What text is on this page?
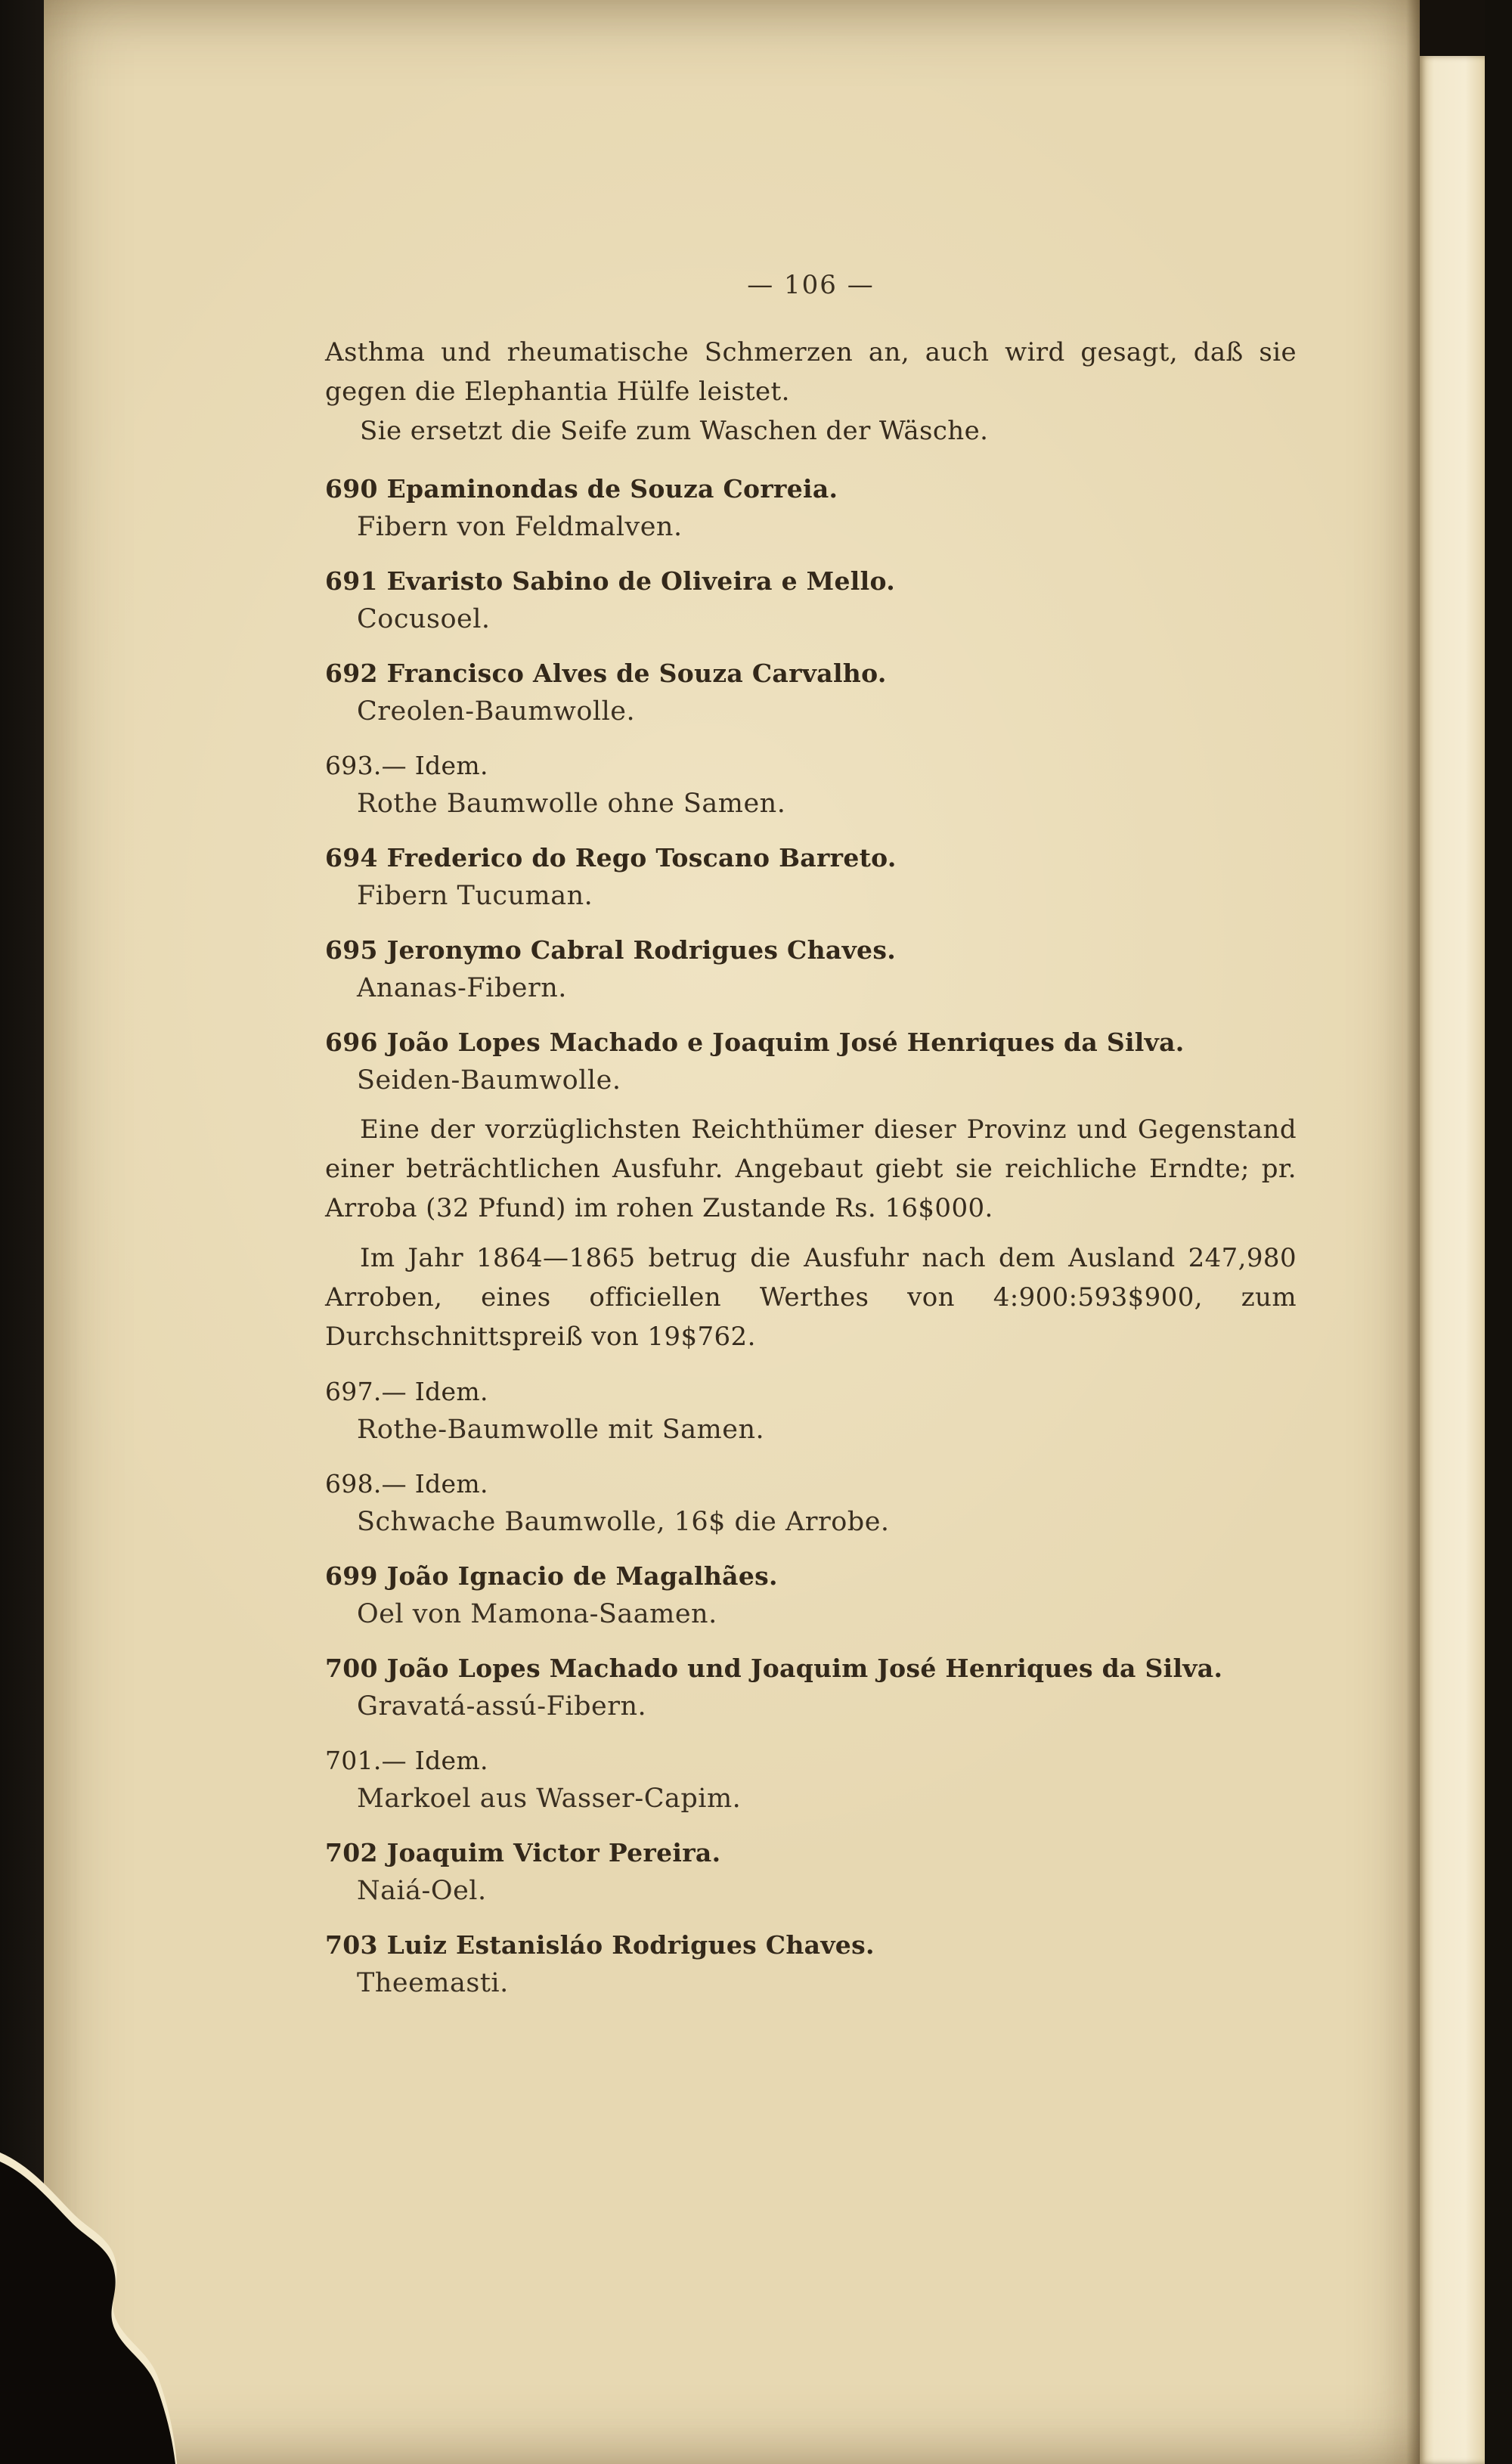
— 106 —

Asthma und rheumatische Schmerzen an, auch wird gesagt, daß sie gegen die Elephantia Hülfe leistet.

Sie ersetzt die Seife zum Waschen der Wäsche.

690 Epaminondas de Souza Correia.

Fibern von Feldmalven.

691 Evaristo Sabino de Oliveira e Mello.

Cocusoel.

692 Francisco Alves de Souza Carvalho.

Creolen-Baumwolle.

693.— Idem.

Rothe Baumwolle ohne Samen.

694 Frederico do Rego Toscano Barreto.

Fibern Tucuman.

695 Jeronymo Cabral Rodrigues Chaves.

Ananas-Fibern.

696 João Lopes Machado e Joaquim José Henriques da Silva.

Seiden-Baumwolle.

Eine der vorzüglichsten Reichthümer dieser Provinz und Gegenstand einer beträchtlichen Ausfuhr. Angebaut giebt sie reichliche Erndte; pr. Arroba (32 Pfund) im rohen Zustande Rs. 16$000.

Im Jahr 1864—1865 betrug die Ausfuhr nach dem Ausland 247,980 Arroben, eines officiellen Werthes von 4:900:593$900, zum Durchschnittspreiß von 19$762.

697.— Idem.

Rothe-Baumwolle mit Samen.

698.— Idem.

Schwache Baumwolle, 16$ die Arrobe.

699 João Ignacio de Magalhães.

Oel von Mamona-Saamen.

700 João Lopes Machado und Joaquim José Henriques da Silva.

Gravatá-assú-Fibern.

701.— Idem.

Markoel aus Wasser-Capim.

702 Joaquim Victor Pereira.

Naiá-Oel.

703 Luiz Estanisláo Rodrigues Chaves.

Theemasti.
